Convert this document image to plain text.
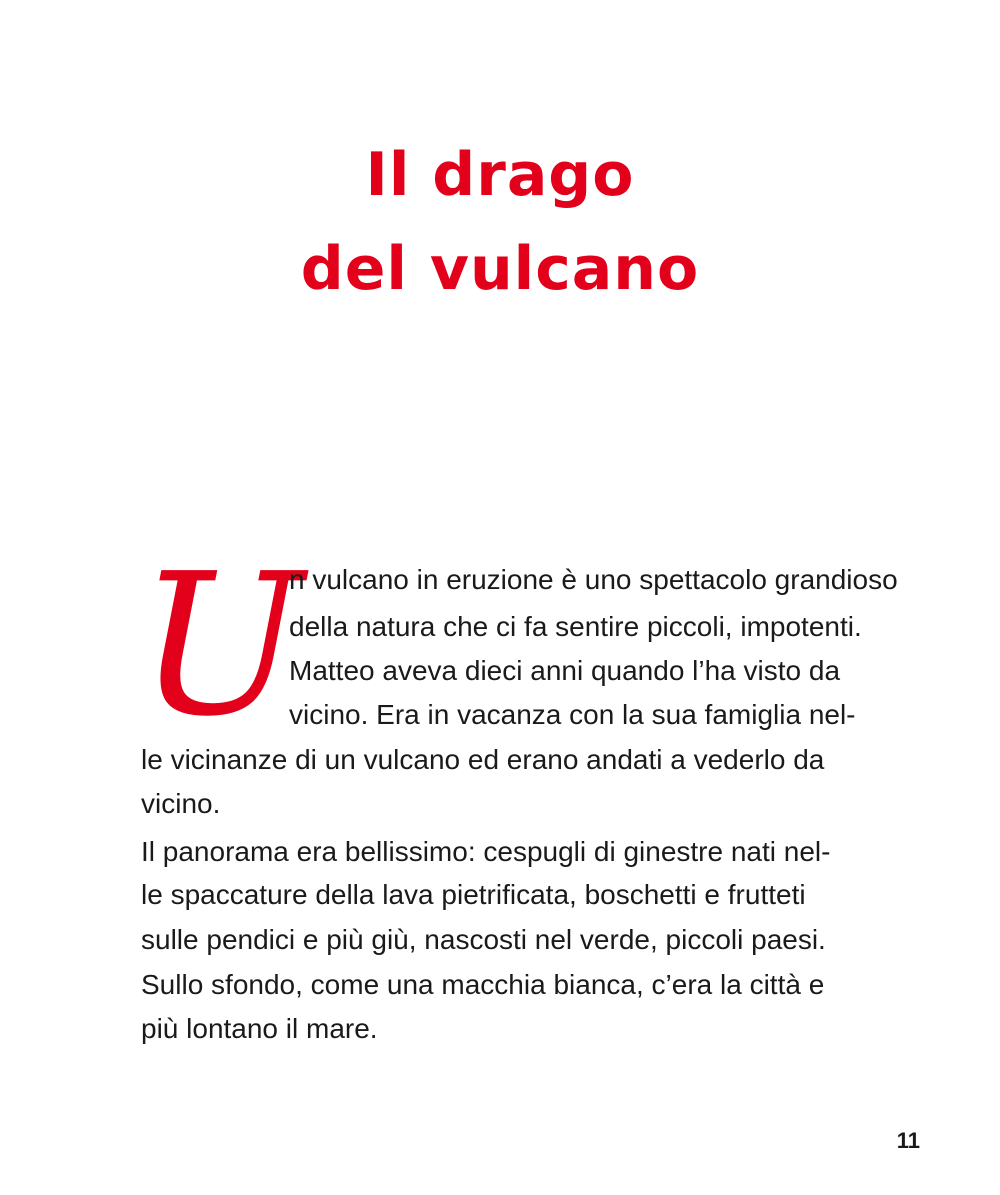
Il drago
del vulcano
U

n vulcano in eruzione è uno spettacolo grandioso

della natura che ci fa sentire piccoli, impotenti.

Matteo aveva dieci anni quando l’ha visto da

vicino. Era in vacanza con la sua famiglia nel-

le vicinanze di un vulcano ed erano andati a vederlo da

vicino.

Il panorama era bellissimo: cespugli di ginestre nati nel-

le spaccature della lava pietrificata, boschetti e frutteti

sulle pendici e più giù, nascosti nel verde, piccoli paesi.

Sullo sfondo, come una macchia bianca, c’era la città e

più lontano il mare.

11
